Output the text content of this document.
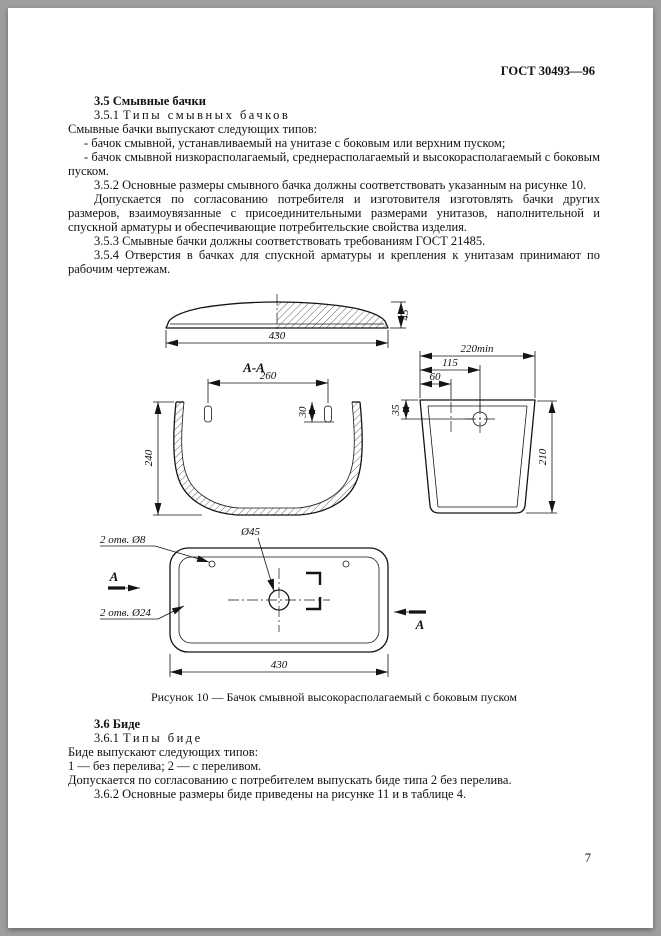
ГОСТ 30493—96

3.5 Смывные бачки

3.5.1 Типы смывных бачков

Смывные бачки выпускают следующих типов:

- бачок смывной, устанавливаемый на унитазе с боковым или верхним пуском;

- бачок смывной низкорасполагаемый, среднерасполагаемый и высокорасполагаемый с боковым пуском.

3.5.2 Основные размеры смывного бачка должны соответствовать указанным на рисунке 10.

Допускается по согласованию потребителя и изготовителя изготовлять бачки других размеров, взаимоувязанные с присоединительными размерами унитазов, наполнительной и спускной арматуры и обеспечивающие потребительские свойства изделия.

3.5.3 Смывные бачки должны соответствовать требованиям ГОСТ 21485.

3.5.4 Отверстия в бачках для спускной арматуры и крепления к унитазам принимают по рабочим чертежам.

430
45
А-А
260
30
240
220min
115
60
35
210
Ø45
2 отв. Ø8
2 отв. Ø24
А
А
430
Рисунок 10 — Бачок смывной высокорасполагаемый с боковым пуском

3.6 Биде

3.6.1 Типы биде

Биде выпускают следующих типов:

1 — без перелива; 2 — с переливом.

Допускается по согласованию с потребителем выпускать биде типа 2 без перелива.

3.6.2 Основные размеры биде приведены на рисунке 11 и в таблице 4.

7
